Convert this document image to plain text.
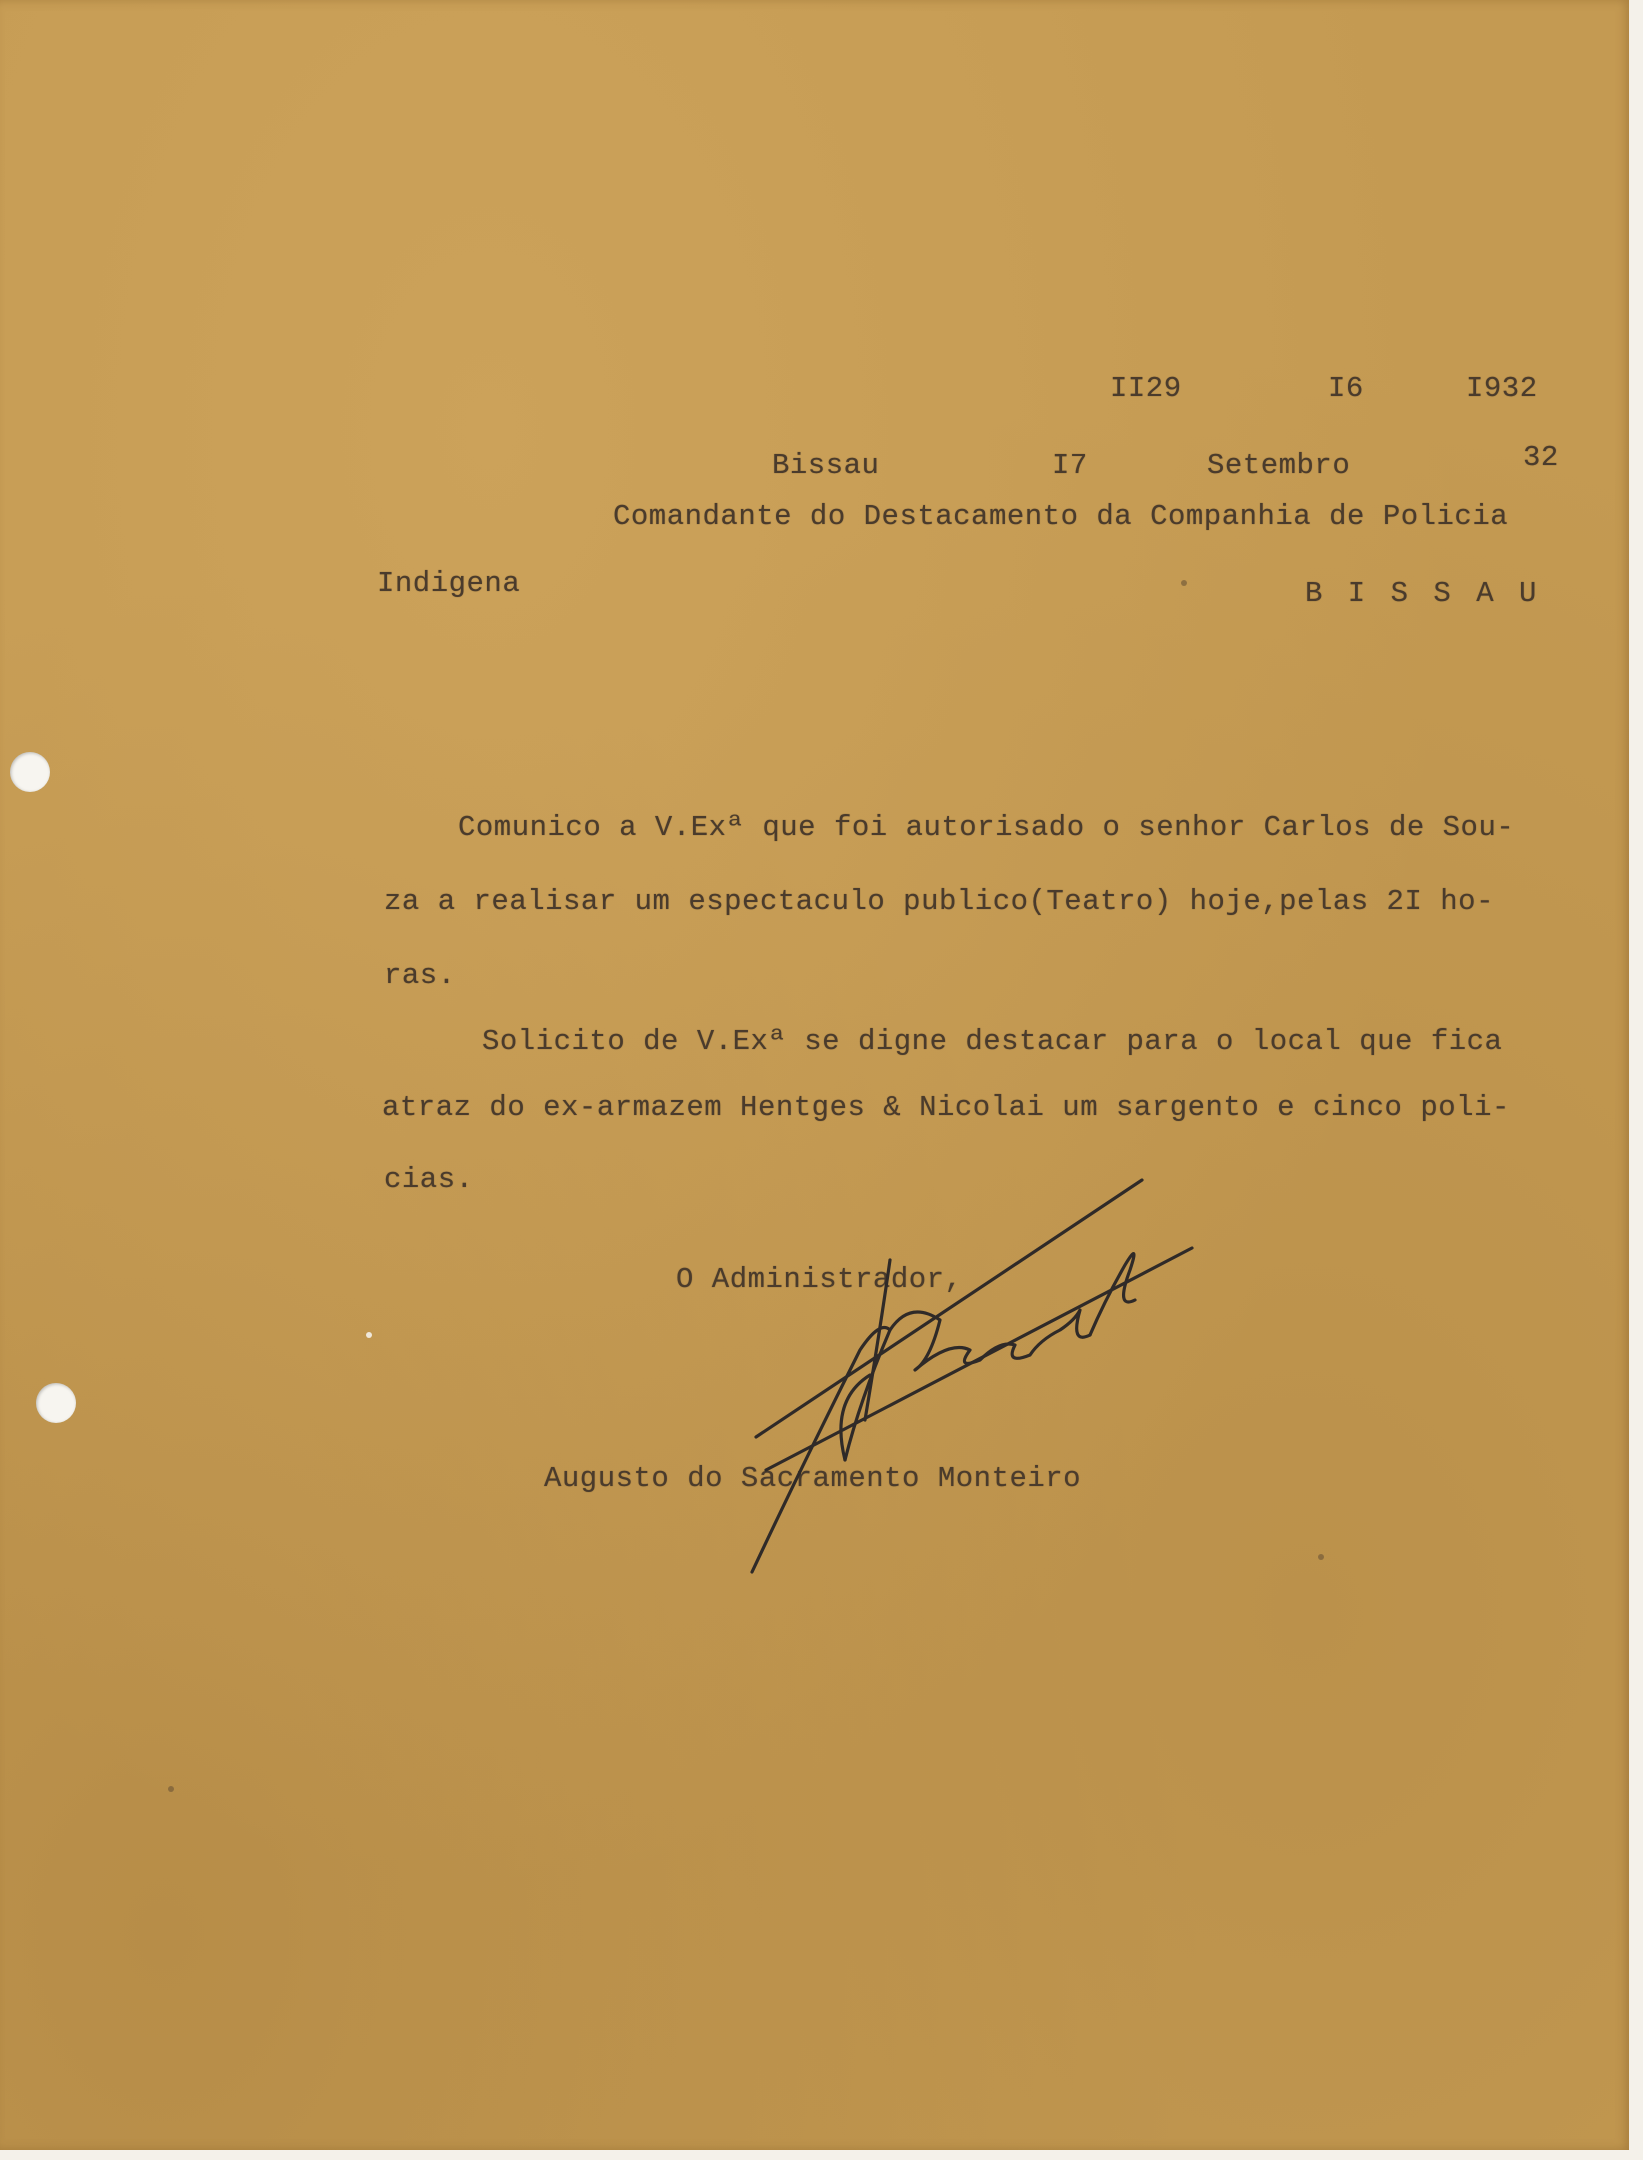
II29	I6	I932
Bissau	I7	Setembro	32
Comandante do Destacamento da Companhia de Policia
Indigena	B I S S A U
Comunico a V.Exª que foi autorisado o senhor Carlos de Sou-
za a realisar um espectaculo publico(Teatro) hoje,pelas 2I ho-
ras.
Solicito de V.Exª se digne destacar para o local que fica
atraz do ex-armazem Hentges & Nicolai um sargento e cinco poli-
cias.
O Administrador,
Augusto do Sacramento Monteiro
